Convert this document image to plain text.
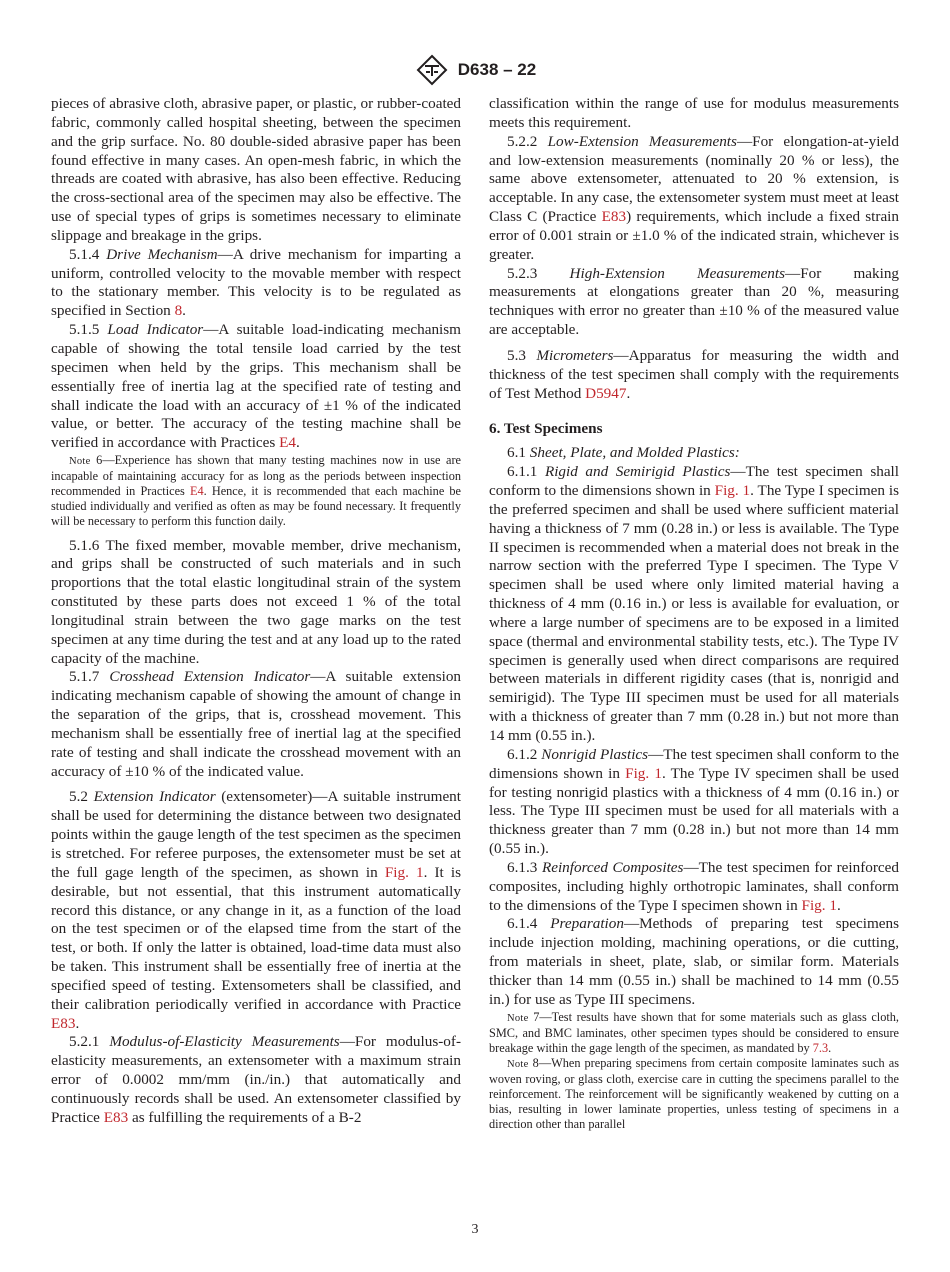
D638 – 22

pieces of abrasive cloth, abrasive paper, or plastic, or rubber-coated fabric, commonly called hospital sheeting, between the specimen and the grip surface. No. 80 double-sided abrasive paper has been found effective in many cases. An open-mesh fabric, in which the threads are coated with abrasive, has also been effective. Reducing the cross-sectional area of the specimen may also be effective. The use of special types of grips is sometimes necessary to eliminate slippage and breakage in the grips.

5.1.4 Drive Mechanism—A drive mechanism for imparting a uniform, controlled velocity to the movable member with respect to the stationary member. This velocity is to be regulated as specified in Section 8.

5.1.5 Load Indicator—A suitable load-indicating mechanism capable of showing the total tensile load carried by the test specimen when held by the grips. This mechanism shall be essentially free of inertia lag at the specified rate of testing and shall indicate the load with an accuracy of ±1 % of the indicated value, or better. The accuracy of the testing machine shall be verified in accordance with Practices E4.

Note 6—Experience has shown that many testing machines now in use are incapable of maintaining accuracy for as long as the periods between inspection recommended in Practices E4. Hence, it is recommended that each machine be studied individually and verified as often as may be found necessary. It frequently will be necessary to perform this function daily.

5.1.6 The fixed member, movable member, drive mechanism, and grips shall be constructed of such materials and in such proportions that the total elastic longitudinal strain of the system constituted by these parts does not exceed 1 % of the total longitudinal strain between the two gage marks on the test specimen at any time during the test and at any load up to the rated capacity of the machine.

5.1.7 Crosshead Extension Indicator—A suitable extension indicating mechanism capable of showing the amount of change in the separation of the grips, that is, crosshead movement. This mechanism shall be essentially free of inertial lag at the specified rate of testing and shall indicate the crosshead movement with an accuracy of ±10 % of the indicated value.

5.2 Extension Indicator (extensometer)—A suitable instrument shall be used for determining the distance between two designated points within the gauge length of the test specimen as the specimen is stretched. For referee purposes, the extensometer must be set at the full gage length of the specimen, as shown in Fig. 1. It is desirable, but not essential, that this instrument automatically record this distance, or any change in it, as a function of the load on the test specimen or of the elapsed time from the start of the test, or both. If only the latter is obtained, load-time data must also be taken. This instrument shall be essentially free of inertia at the specified speed of testing. Extensometers shall be classified, and their calibration periodically verified in accordance with Practice E83.

5.2.1 Modulus-of-Elasticity Measurements—For modulus-of-elasticity measurements, an extensometer with a maximum strain error of 0.0002 mm/mm (in./in.) that automatically and continuously records shall be used. An extensometer classified by Practice E83 as fulfilling the requirements of a B-2

classification within the range of use for modulus measurements meets this requirement.

5.2.2 Low-Extension Measurements—For elongation-at-yield and low-extension measurements (nominally 20 % or less), the same above extensometer, attenuated to 20 % extension, is acceptable. In any case, the extensometer system must meet at least Class C (Practice E83) requirements, which include a fixed strain error of 0.001 strain or ±1.0 % of the indicated strain, whichever is greater.

5.2.3 High-Extension Measurements—For making measurements at elongations greater than 20 %, measuring techniques with error no greater than ±10 % of the measured value are acceptable.

5.3 Micrometers—Apparatus for measuring the width and thickness of the test specimen shall comply with the requirements of Test Method D5947.

6. Test Specimens

6.1 Sheet, Plate, and Molded Plastics:

6.1.1 Rigid and Semirigid Plastics—The test specimen shall conform to the dimensions shown in Fig. 1. The Type I specimen is the preferred specimen and shall be used where sufficient material having a thickness of 7 mm (0.28 in.) or less is available. The Type II specimen is recommended when a material does not break in the narrow section with the preferred Type I specimen. The Type V specimen shall be used where only limited material having a thickness of 4 mm (0.16 in.) or less is available for evaluation, or where a large number of specimens are to be exposed in a limited space (thermal and environmental stability tests, etc.). The Type IV specimen is generally used when direct comparisons are required between materials in different rigidity cases (that is, nonrigid and semirigid). The Type III specimen must be used for all materials with a thickness of greater than 7 mm (0.28 in.) but not more than 14 mm (0.55 in.).

6.1.2 Nonrigid Plastics—The test specimen shall conform to the dimensions shown in Fig. 1. The Type IV specimen shall be used for testing nonrigid plastics with a thickness of 4 mm (0.16 in.) or less. The Type III specimen must be used for all materials with a thickness greater than 7 mm (0.28 in.) but not more than 14 mm (0.55 in.).

6.1.3 Reinforced Composites—The test specimen for reinforced composites, including highly orthotropic laminates, shall conform to the dimensions of the Type I specimen shown in Fig. 1.

6.1.4 Preparation—Methods of preparing test specimens include injection molding, machining operations, or die cutting, from materials in sheet, plate, slab, or similar form. Materials thicker than 14 mm (0.55 in.) shall be machined to 14 mm (0.55 in.) for use as Type III specimens.

Note 7—Test results have shown that for some materials such as glass cloth, SMC, and BMC laminates, other specimen types should be considered to ensure breakage within the gage length of the specimen, as mandated by 7.3.

Note 8—When preparing specimens from certain composite laminates such as woven roving, or glass cloth, exercise care in cutting the specimens parallel to the reinforcement. The reinforcement will be significantly weakened by cutting on a bias, resulting in lower laminate properties, unless testing of specimens in a direction other than parallel

3
